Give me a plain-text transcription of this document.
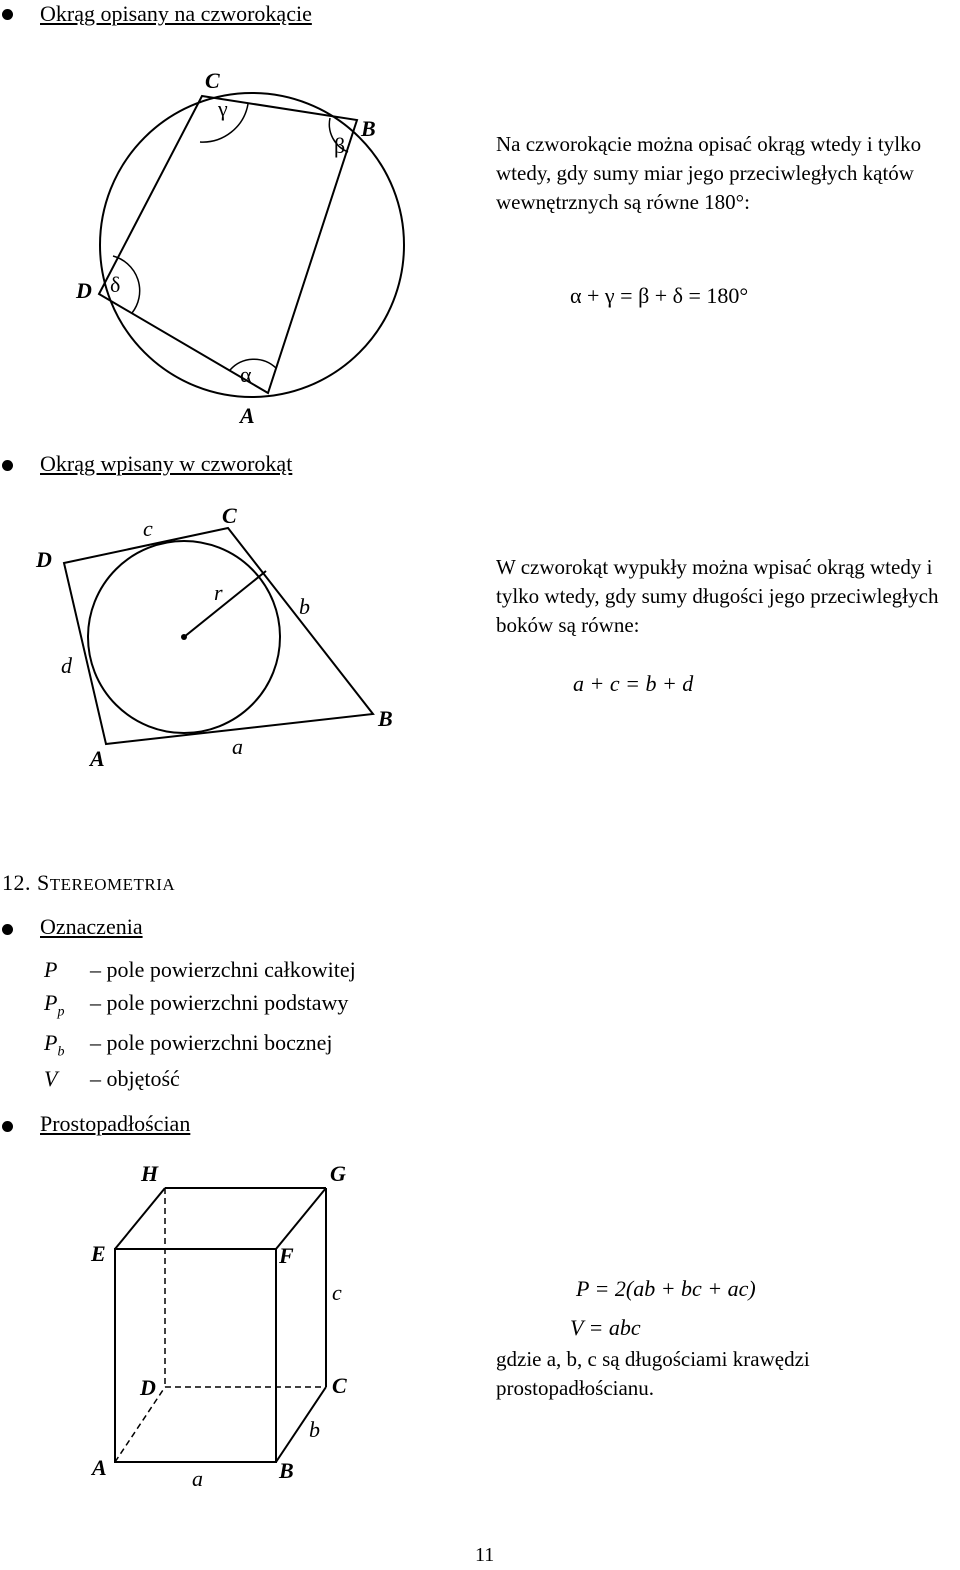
Okrąg opisany na czworokącie
C
B
D
A
γ
β
δ
α
Na czworokącie można opisać okrąg wtedy i tylko wtedy, gdy sumy miar jego przeciwległych kątów wewnętrznych są równe 180°:
α + γ = β + δ = 180°
Okrąg wpisany w czworokąt
D
C
B
A
c
r
b
d
a
W czworokąt wypukły można wpisać okrąg wtedy i tylko wtedy, gdy sumy długości jego przeciwległych boków są równe:
a + c = b + d
12. STEREOMETRIA
Oznaczenia
P – pole powierzchni całkowitej
$P_p$ – pole powierzchni podstawy
$P_b$ – pole powierzchni bocznej
V – objętość
Prostopadłościan
H	G
E	F
c
D	C
b
A	a	B
P = 2(ab + bc + ac)
V = abc
gdzie a, b, c są długościami krawędzi prostopadłościanu.
11
